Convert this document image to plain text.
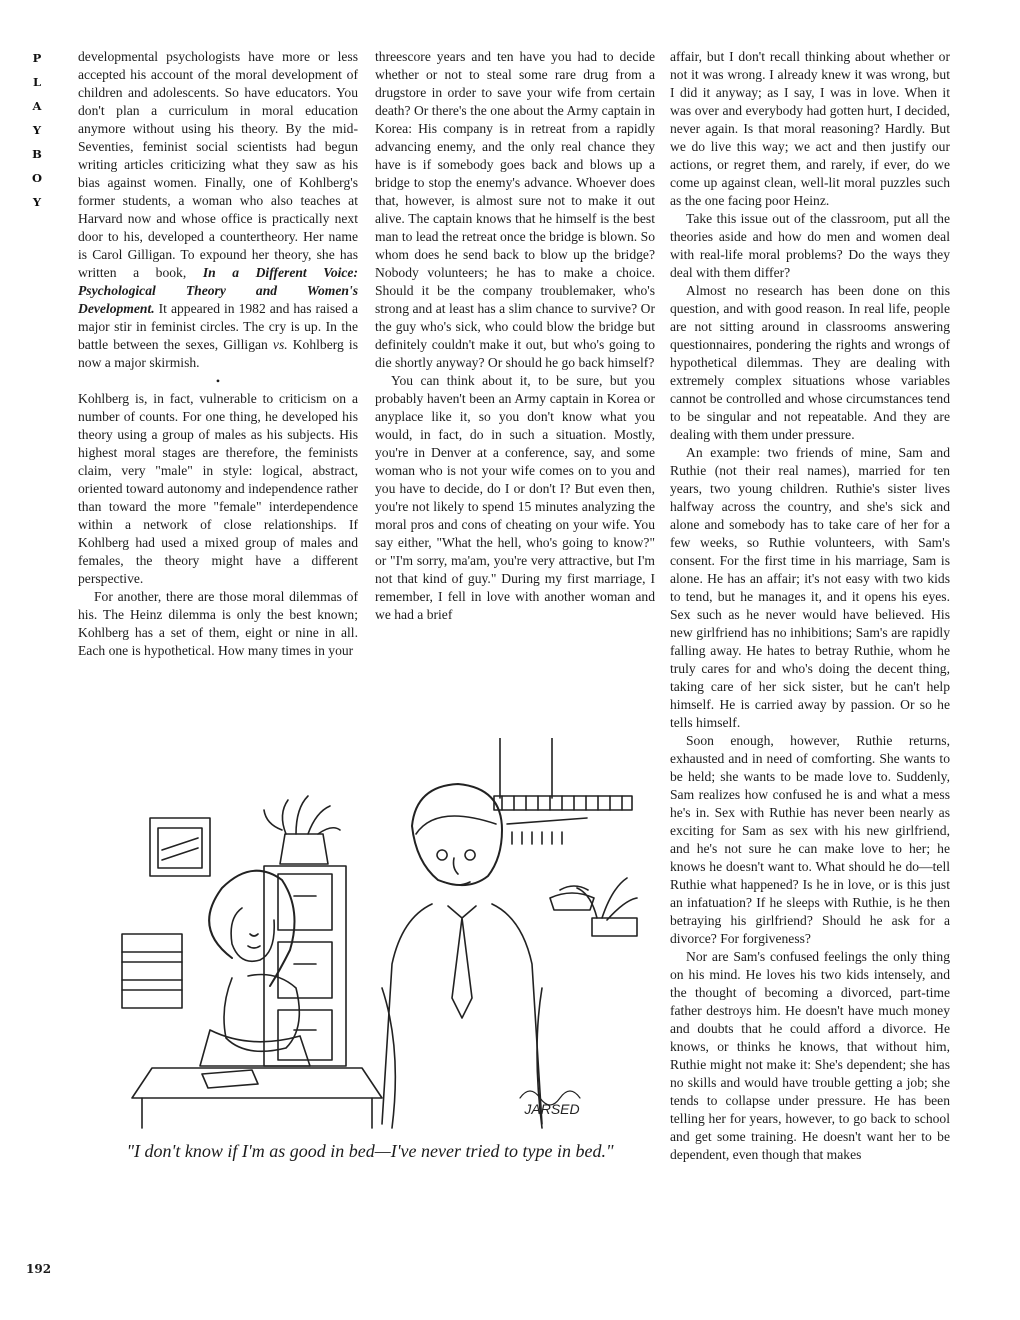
P
L
A
Y
B
O
Y

developmental psychologists have more or less accepted his account of the moral development of children and adolescents. So have educators. You don't plan a curriculum in moral education anymore without using his theory. By the mid-Seventies, feminist social scientists had begun writing articles criticizing what they saw as his bias against women. Finally, one of Kohlberg's former students, a woman who also teaches at Harvard now and whose office is practically next door to his, developed a countertheory. Her name is Carol Gilligan. To expound her theory, she has written a book, In a Different Voice: Psychological Theory and Women's Development. It appeared in 1982 and has raised a major stir in feminist circles. The cry is up. In the battle between the sexes, Gilligan vs. Kohlberg is now a major skirmish.

•

Kohlberg is, in fact, vulnerable to criticism on a number of counts. For one thing, he developed his theory using a group of males as his subjects. His highest moral stages are therefore, the feminists claim, very "male" in style: logical, abstract, oriented toward autonomy and independence rather than toward the more "female" interdependence within a network of close relationships. If Kohlberg had used a mixed group of males and females, the theory might have a different perspective.

For another, there are those moral dilemmas of his. The Heinz dilemma is only the best known; Kohlberg has a set of them, eight or nine in all. Each one is hypothetical. How many times in your

threescore years and ten have you had to decide whether or not to steal some rare drug from a drugstore in order to save your wife from certain death? Or there's the one about the Army captain in Korea: His company is in retreat from a rapidly advancing enemy, and the only real chance they have is if somebody goes back and blows up a bridge to stop the enemy's advance. Whoever does that, however, is almost sure not to make it out alive. The captain knows that he himself is the best man to lead the retreat once the bridge is blown. So whom does he send back to blow up the bridge? Nobody volunteers; he has to make a choice. Should it be the company troublemaker, who's strong and at least has a slim chance to survive? Or the guy who's sick, who could blow the bridge but definitely couldn't make it out, but who's going to die shortly anyway? Or should he go back himself?

You can think about it, to be sure, but you probably haven't been an Army captain in Korea or anyplace like it, so you don't know what you would, in fact, do in such a situation. Mostly, you're in Denver at a conference, say, and some woman who is not your wife comes on to you and you have to decide, do I or don't I? But even then, you're not likely to spend 15 minutes analyzing the moral pros and cons of cheating on your wife. You say either, "What the hell, who's going to know?" or "I'm sorry, ma'am, you're very attractive, but I'm not that kind of guy." During my first marriage, I remember, I fell in love with another woman and we had a brief

affair, but I don't recall thinking about whether or not it was wrong. I already knew it was wrong, but I did it anyway; as I say, I was in love. When it was over and everybody had gotten hurt, I decided, never again. Is that moral reasoning? Hardly. But we do live this way; we act and then justify our actions, or regret them, and rarely, if ever, do we come up against clean, well-lit moral puzzles such as the one facing poor Heinz.

Take this issue out of the classroom, put all the theories aside and how do men and women deal with real-life moral problems? Do the ways they deal with them differ?

Almost no research has been done on this question, and with good reason. In real life, people are not sitting around in classrooms answering questionnaires, pondering the rights and wrongs of hypothetical dilemmas. They are dealing with extremely complex situations whose variables cannot be controlled and whose circumstances tend to be singular and not repeatable. And they are dealing with them under pressure.

An example: two friends of mine, Sam and Ruthie (not their real names), married for ten years, two young children. Ruthie's sister lives halfway across the country, and she's sick and alone and somebody has to take care of her for a few weeks, so Ruthie volunteers, with Sam's consent. For the first time in his marriage, Sam is alone. He has an affair; it's not easy with two kids to tend, but he manages it, and it opens his eyes. Sex such as he never would have believed. His new girlfriend has no inhibitions; Sam's are rapidly falling away. He hates to betray Ruthie, whom he truly cares for and who's doing the decent thing, taking care of her sick sister, but he can't help himself. He is carried away by passion. Or so he tells himself.

Soon enough, however, Ruthie returns, exhausted and in need of comforting. She wants to be held; she wants to be made love to. Suddenly, Sam realizes how confused he is and what a mess he's in. Sex with Ruthie has never been nearly as exciting for Sam as sex with his new girlfriend, and he's not sure he can make love to her; he knows he doesn't want to. What should he do—tell Ruthie what happened? Is he in love, or is this just an infatuation? If he sleeps with Ruthie, is he then betraying his girlfriend? Should he ask for a divorce? For forgiveness?

Nor are Sam's confused feelings the only thing on his mind. He loves his two kids intensely, and the thought of becoming a divorced, part-time father destroys him. He doesn't have much money and doubts that he could afford a divorce. He knows, or thinks he knows, that without him, Ruthie might not make it: She's dependent; she has no skills and would have trouble getting a job; she tends to collapse under pressure. He has been telling her for years, however, to go back to school and get some training. He doesn't want her to be dependent, even though that makes

JARSED
"I don't know if I'm as good in bed—I've never tried to type in bed."
192
